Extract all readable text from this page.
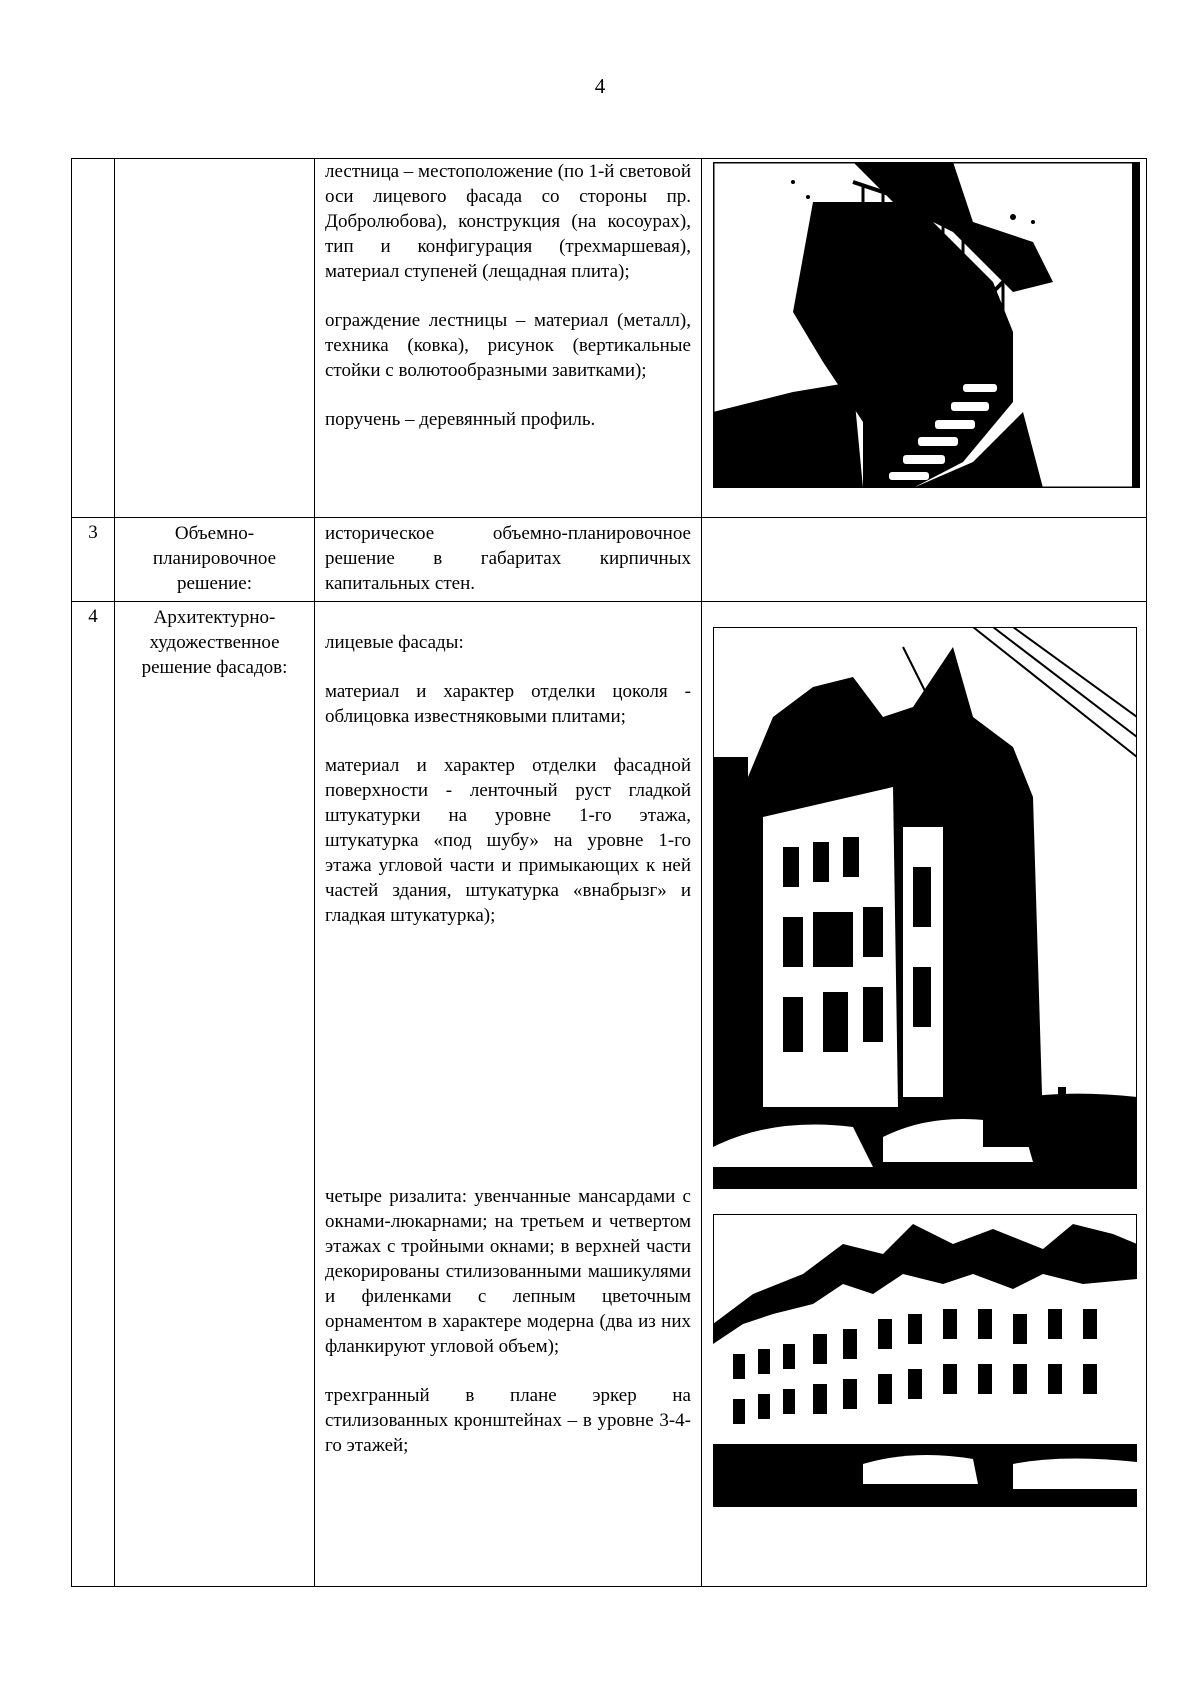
4

		лестница – местоположение (по 1-й световой оси лицевого фасада со стороны пр. Добролюбова), конструкция (на косоурах), тип и конфигурация (трехмаршевая), материал ступеней (лещадная плита);

ограждение лестницы – материал (металл), техника (ковка), рисунок (вертикальные стойки с волютообразными завитками);

поручень – деревянный профиль.

3	Объемно-планировочное решение:	историческое объемно-планировочное решение в габаритах кирпичных капитальных стен.	

4	Архитектурно-художественное решение фасадов:	лицевые фасады:

материал и характер отделки цоколя - облицовка известняковыми плитами;

материал и характер отделки фасадной поверхности - ленточный руст гладкой штукатурки на уровне 1-го этажа, штукатурка «под шубу» на уровне 1-го этажа угловой части и примыкающих к ней частей здания, штукатурка «внабрызг» и гладкая штукатурка);

четыре ризалита: увенчанные мансардами с окнами-люкарнами; на третьем и четвертом этажах с тройными окнами; в верхней части декорированы стилизованными машикулями и филенками с лепным цветочным орнаментом в характере модерна (два из них фланкируют угловой объем);

трехгранный в плане эркер на стилизованных кронштейнах – в уровне 3-4-го этажей;
